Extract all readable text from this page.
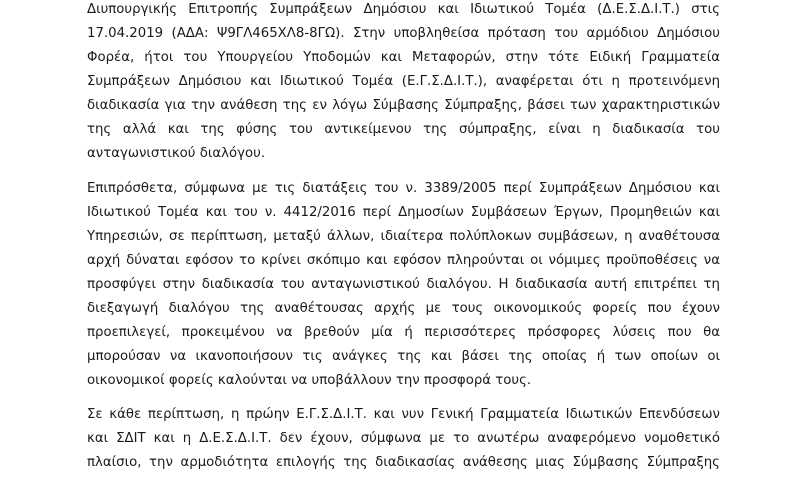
Διυπουργικής Επιτροπής Συμπράξεων Δημόσιου και Ιδιωτικού Τομέα (Δ.Ε.Σ.Δ.Ι.Τ.) στις
17.04.2019 (ΑΔΑ: Ψ9ΓΛ465ΧΛ8-8ΓΩ). Στην υποβληθείσα πρόταση του αρμόδιου Δημόσιου
Φορέα, ήτοι του Υπουργείου Υποδομών και Μεταφορών, στην τότε Ειδική Γραμματεία
Συμπράξεων Δημόσιου και Ιδιωτικού Τομέα (Ε.Γ.Σ.Δ.Ι.Τ.), αναφέρεται ότι η προτεινόμενη
διαδικασία για την ανάθεση της εν λόγω Σύμβασης Σύμπραξης, βάσει των χαρακτηριστικών
της αλλά και της φύσης του αντικείμενου της σύμπραξης, είναι η διαδικασία του
ανταγωνιστικού διαλόγου.
Επιπρόσθετα, σύμφωνα με τις διατάξεις του ν. 3389/2005 περί Συμπράξεων Δημόσιου και
Ιδιωτικού Τομέα και του ν. 4412/2016 περί Δημοσίων Συμβάσεων Έργων, Προμηθειών και
Υπηρεσιών, σε περίπτωση, μεταξύ άλλων, ιδιαίτερα πολύπλοκων συμβάσεων, η αναθέτουσα
αρχή δύναται εφόσον το κρίνει σκόπιμο και εφόσον πληρούνται οι νόμιμες προϋποθέσεις να
προσφύγει στην διαδικασία του ανταγωνιστικού διαλόγου. Η διαδικασία αυτή επιτρέπει τη
διεξαγωγή διαλόγου της αναθέτουσας αρχής με τους οικονομικούς φορείς που έχουν
προεπιλεγεί, προκειμένου να βρεθούν μία ή περισσότερες πρόσφορες λύσεις που θα
μπορούσαν να ικανοποιήσουν τις ανάγκες της και βάσει της οποίας ή των οποίων οι
οικονομικοί φορείς καλούνται να υποβάλλουν την προσφορά τους.
Σε κάθε περίπτωση, η πρώην Ε.Γ.Σ.Δ.Ι.Τ. και νυν Γενική Γραμματεία Ιδιωτικών Επενδύσεων
και ΣΔΙΤ και η Δ.Ε.Σ.Δ.Ι.Τ. δεν έχουν, σύμφωνα με το ανωτέρω αναφερόμενο νομοθετικό
πλαίσιο, την αρμοδιότητα επιλογής της διαδικασίας ανάθεσης μιας Σύμβασης Σύμπραξης
